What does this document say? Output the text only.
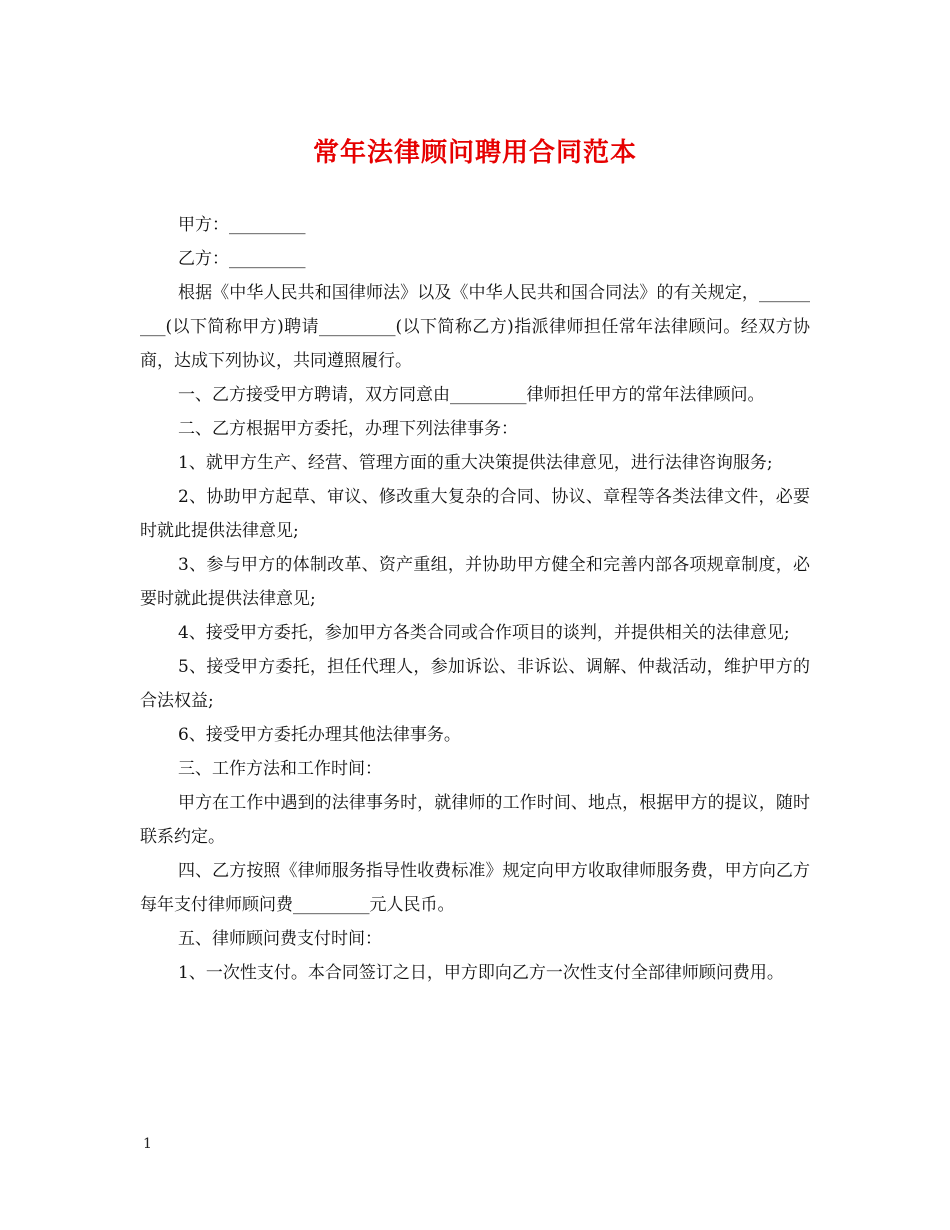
常年法律顾问聘用合同范本

甲方：_________

乙方：_________

根据《中华人民共和国律师法》以及《中华人民共和国合同法》的有关规定，_________(以下简称甲方)聘请_________(以下简称乙方)指派律师担任常年法律顾问。经双方协商，达成下列协议，共同遵照履行。

一、乙方接受甲方聘请，双方同意由_________律师担任甲方的常年法律顾问。

二、乙方根据甲方委托，办理下列法律事务：

1、就甲方生产、经营、管理方面的重大决策提供法律意见，进行法律咨询服务;

2、协助甲方起草、审议、修改重大复杂的合同、协议、章程等各类法律文件，必要时就此提供法律意见;

3、参与甲方的体制改革、资产重组，并协助甲方健全和完善内部各项规章制度，必要时就此提供法律意见;

4、接受甲方委托，参加甲方各类合同或合作项目的谈判，并提供相关的法律意见;

5、接受甲方委托，担任代理人，参加诉讼、非诉讼、调解、仲裁活动，维护甲方的合法权益;

6、接受甲方委托办理其他法律事务。

三、工作方法和工作时间：

甲方在工作中遇到的法律事务时，就律师的工作时间、地点，根据甲方的提议，随时联系约定。

四、乙方按照《律师服务指导性收费标准》规定向甲方收取律师服务费，甲方向乙方每年支付律师顾问费_________元人民币。

五、律师顾问费支付时间：

1、一次性支付。本合同签订之日，甲方即向乙方一次性支付全部律师顾问费用。

1
